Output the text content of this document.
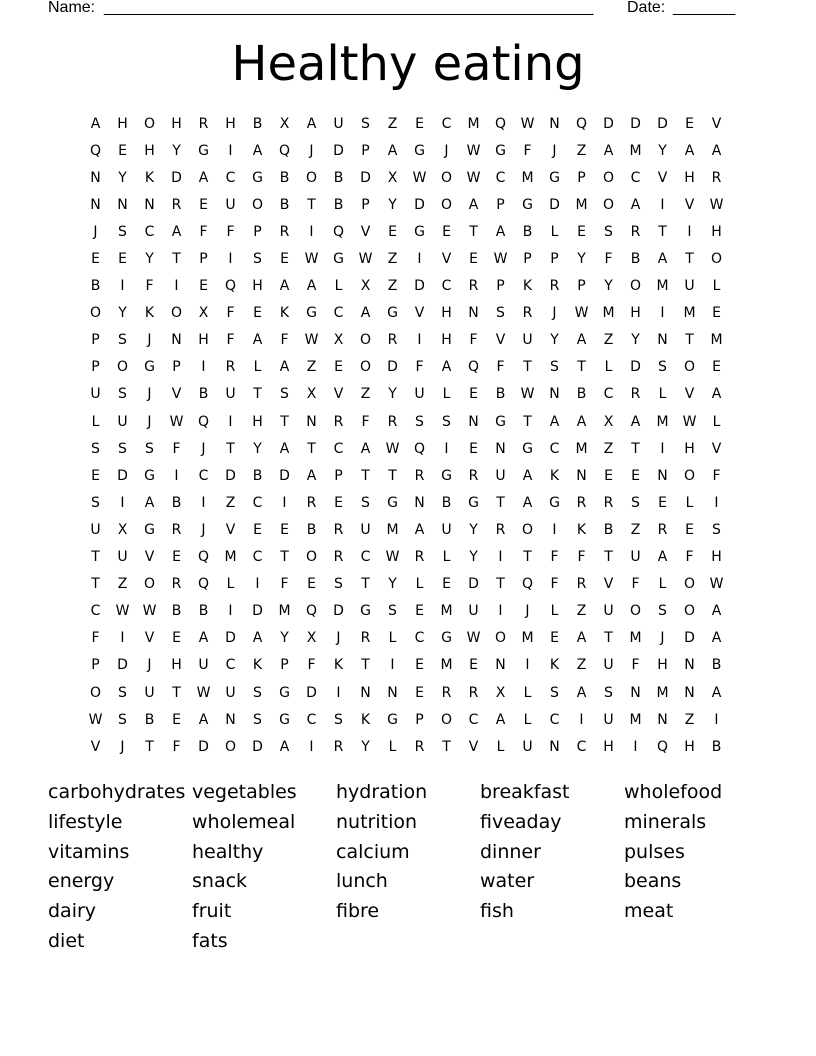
Name: _______________________________________________________ Date: _______
Healthy eating
A	H	O	H	R	H	B	X	A	U	S	Z	E	C	M	Q	W	N	Q	D	D	D	E	V
Q	E	H	Y	G	I	A	Q	J	D	P	A	G	J	W	G	F	J	Z	A	M	Y	A	A
N	Y	K	D	A	C	G	B	O	B	D	X	W	O	W	C	M	G	P	O	C	V	H	R
N	N	N	R	E	U	O	B	T	B	P	Y	D	O	A	P	G	D	M	O	A	I	V	W
J	S	C	A	F	F	P	R	I	Q	V	E	G	E	T	A	B	L	E	S	R	T	I	H
E	E	Y	T	P	I	S	E	W	G	W	Z	I	V	E	W	P	P	Y	F	B	A	T	O
B	I	F	I	E	Q	H	A	A	L	X	Z	D	C	R	P	K	R	P	Y	O	M	U	L
O	Y	K	O	X	F	E	K	G	C	A	G	V	H	N	S	R	J	W	M	H	I	M	E
P	S	J	N	H	F	A	F	W	X	O	R	I	H	F	V	U	Y	A	Z	Y	N	T	M
P	O	G	P	I	R	L	A	Z	E	O	D	F	A	Q	F	T	S	T	L	D	S	O	E
U	S	J	V	B	U	T	S	X	V	Z	Y	U	L	E	B	W	N	B	C	R	L	V	A
L	U	J	W	Q	I	H	T	N	R	F	R	S	S	N	G	T	A	A	X	A	M	W	L
S	S	S	F	J	T	Y	A	T	C	A	W	Q	I	E	N	G	C	M	Z	T	I	H	V
E	D	G	I	C	D	B	D	A	P	T	T	R	G	R	U	A	K	N	E	E	N	O	F
S	I	A	B	I	Z	C	I	R	E	S	G	N	B	G	T	A	G	R	R	S	E	L	I
U	X	G	R	J	V	E	E	B	R	U	M	A	U	Y	R	O	I	K	B	Z	R	E	S
T	U	V	E	Q	M	C	T	O	R	C	W	R	L	Y	I	T	F	F	T	U	A	F	H
T	Z	O	R	Q	L	I	F	E	S	T	Y	L	E	D	T	Q	F	R	V	F	L	O	W
C	W W	B	B	I	D	M	Q	D	G	S	E	M	U	I	J	L	Z	U	O	S	O	A
F	I	V	E	A	D	A	Y	X	J	R	L	C	G	W	O	M	E	A	T	M	J	D	A
P	D	J	H	U	C	K	P	F	K	T	I	E	M	E	N	I	K	Z	U	F	H	N	B
O	S	U	T	W	U	S	G	D	I	N	N	E	R	R	X	L	S	A	S	N	M	N	A
W	S	B	E	A	N	S	G	C	S	K	G	P	O	C	A	L	C	I	U	M	N	Z	I
V	J	T	F	D	O	D	A	I	R	Y	L	R	T	V	L	U	N	C	H	I	Q	H	B
carbohydrates vegetables	hydration	breakfast	wholefood
lifestyle	wholemeal	nutrition	fiveaday	minerals
vitamins	healthy	calcium	dinner	pulses
energy	snack	lunch	water	beans
dairy	fruit	fibre	fish	meat
diet	fats
